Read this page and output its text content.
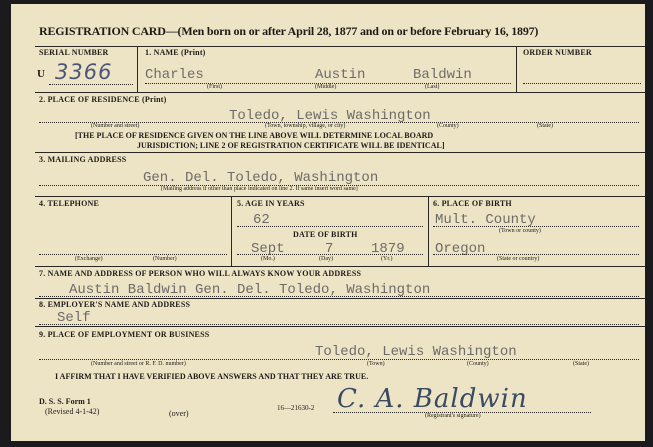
REGISTRATION CARD—(Men born on or after April 28, 1877 and on or before February 16, 1897)
SERIAL NUMBER
U 3366
1. NAME (Print)
Charles	Austin	Baldwin
(First)	(Middle)	(Last)
ORDER NUMBER
2. PLACE OF RESIDENCE (Print)
Toledo, Lewis Washington
(Number and street)	(Town, township, village, or city)	(County)	(State)
[THE PLACE OF RESIDENCE GIVEN ON THE LINE ABOVE WILL DETERMINE LOCAL BOARD
JURISDICTION; LINE 2 OF REGISTRATION CERTIFICATE WILL BE IDENTICAL]
3. MAILING ADDRESS
Gen. Del. Toledo, Washington
[Mailing address if other than place indicated on line 2. If same insert word same]
4. TELEPHONE
(Exchange)	(Number)
5. AGE IN YEARS
62
DATE OF BIRTH
Sept	7	1879
(Mo.)	(Day)	(Yr.)
6. PLACE OF BIRTH
Mult. County
(Town or county)
Oregon
(State or country)
7. NAME AND ADDRESS OF PERSON WHO WILL ALWAYS KNOW YOUR ADDRESS
Austin Baldwin Gen. Del. Toledo, Washington
8. EMPLOYER'S NAME AND ADDRESS
Self
9. PLACE OF EMPLOYMENT OR BUSINESS
Toledo, Lewis Washington
(Number and street or R. F. D. number)	(Town)	(County)	(State)
I AFFIRM THAT I HAVE VERIFIED ABOVE ANSWERS AND THAT THEY ARE TRUE.
D. S. S. Form 1
(Revised 4-1-42)	(over)
16—21630-2 C. A. Baldwin
(Registrant's signature)
